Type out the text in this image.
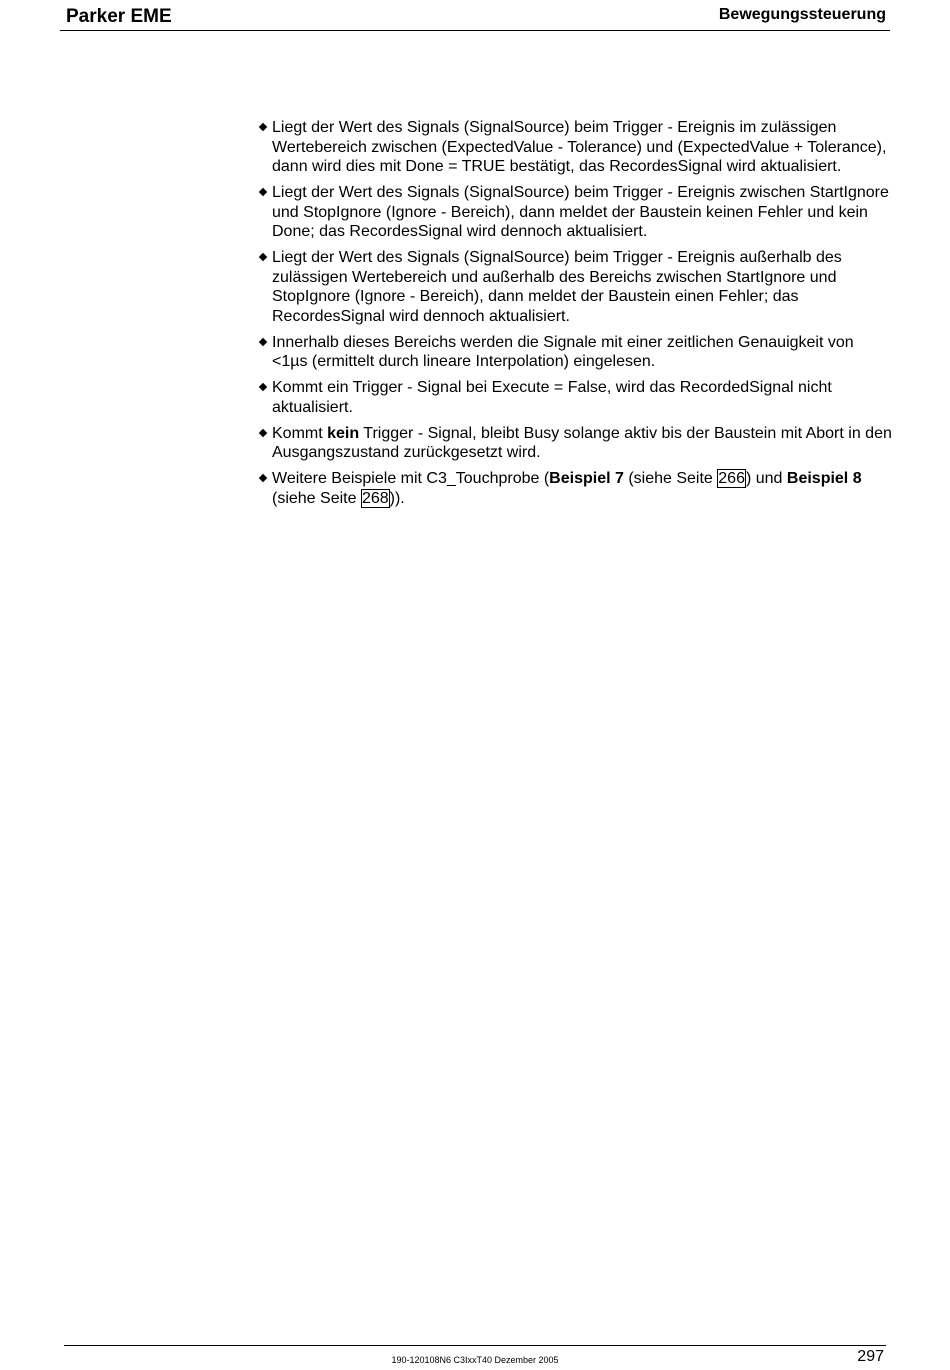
Parker EME	Bewegungssteuerung
Liegt der Wert des Signals (SignalSource) beim Trigger - Ereignis im zulässigen Wertebereich zwischen (ExpectedValue - Tolerance) und (ExpectedValue + Tolerance), dann wird dies mit Done = TRUE bestätigt, das RecordesSignal wird aktualisiert.
Liegt der Wert des Signals (SignalSource) beim Trigger - Ereignis zwischen StartIgnore und StopIgnore (Ignore - Bereich), dann meldet der Baustein keinen Fehler und kein Done; das RecordesSignal wird dennoch aktualisiert.
Liegt der Wert des Signals (SignalSource) beim Trigger - Ereignis außerhalb des zulässigen Wertebereich und außerhalb des Bereichs zwischen StartIgnore und StopIgnore (Ignore - Bereich), dann meldet der Baustein einen Fehler; das RecordesSignal wird dennoch aktualisiert.
Innerhalb dieses Bereichs werden die Signale mit einer zeitlichen Genauigkeit von <1µs (ermittelt durch lineare Interpolation) eingelesen.
Kommt ein Trigger - Signal bei Execute = False, wird das RecordedSignal nicht aktualisiert.
Kommt kein Trigger - Signal, bleibt Busy solange aktiv bis der Baustein mit Abort in den Ausgangszustand zurückgesetzt wird.
Weitere Beispiele mit C3_Touchprobe (Beispiel 7 (siehe Seite 266) und Beispiel 8 (siehe Seite 268)).
190-120108N6 C3IxxT40 Dezember 2005	297
